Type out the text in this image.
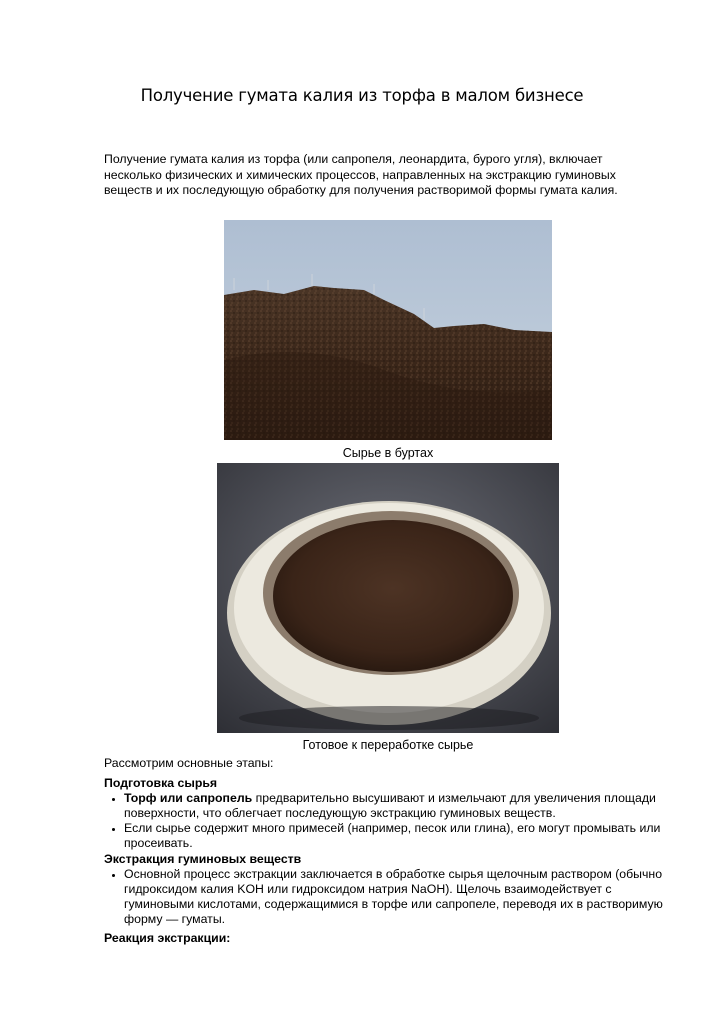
Получение гумата калия из торфа в малом бизнесе
Получение гумата калия из торфа (или сапропеля, леонардита, бурого угля), включает несколько физических и химических процессов, направленных на экстракцию гуминовых веществ и их последующую обработку для получения растворимой формы гумата калия.
Сырье в буртах
Готовое к переработке сырье
Рассмотрим основные этапы:
Подготовка сырья
• Торф или сапропель предварительно высушивают и измельчают для увеличения площади поверхности, что облегчает последующую экстракцию гуминовых веществ.
• Если сырье содержит много примесей (например, песок или глина), его могут промывать или просеивать.
Экстракция гуминовых веществ
• Основной процесс экстракции заключается в обработке сырья щелочным раствором (обычно гидроксидом калия KOH или гидроксидом натрия NaOH). Щелочь взаимодействует с гуминовыми кислотами, содержащимися в торфе или сапропеле, переводя их в растворимую форму — гуматы.
Реакция экстракции:
